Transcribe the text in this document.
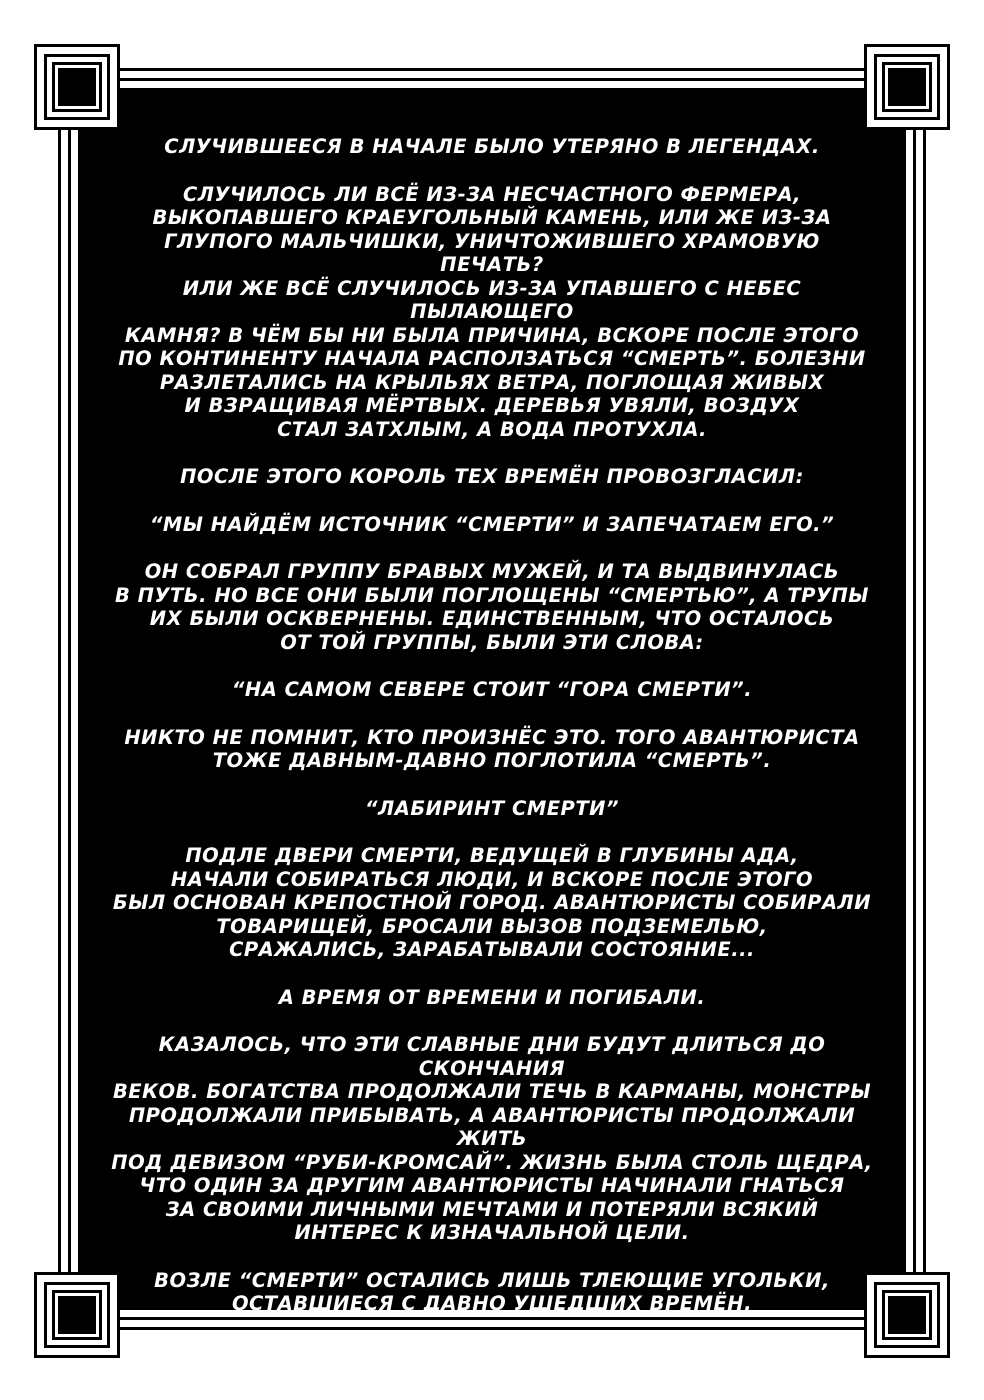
СЛУЧИВШЕЕСЯ В НАЧАЛЕ БЫЛО УТЕРЯНО В ЛЕГЕНДАХ.

СЛУЧИЛОСЬ ЛИ ВСЁ ИЗ-ЗА НЕСЧАСТНОГО ФЕРМЕРА,
ВЫКОПАВШЕГО КРАЕУГОЛЬНЫЙ КАМЕНЬ, ИЛИ ЖЕ ИЗ-ЗА
ГЛУПОГО МАЛЬЧИШКИ, УНИЧТОЖИВШЕГО ХРАМОВУЮ ПЕЧАТЬ?
ИЛИ ЖЕ ВСЁ СЛУЧИЛОСЬ ИЗ-ЗА УПАВШЕГО С НЕБЕС ПЫЛАЮЩЕГО
КАМНЯ? В ЧЁМ БЫ НИ БЫЛА ПРИЧИНА, ВСКОРЕ ПОСЛЕ ЭТОГО
ПО КОНТИНЕНТУ НАЧАЛА РАСПОЛЗАТЬСЯ “СМЕРТЬ”. БОЛЕЗНИ
РАЗЛЕТАЛИСЬ НА КРЫЛЬЯХ ВЕТРА, ПОГЛОЩАЯ ЖИВЫХ
И ВЗРАЩИВАЯ МЁРТВЫХ. ДЕРЕВЬЯ УВЯЛИ, ВОЗДУХ
СТАЛ ЗАТХЛЫМ, А ВОДА ПРОТУХЛА.

ПОСЛЕ ЭТОГО КОРОЛЬ ТЕХ ВРЕМЁН ПРОВОЗГЛАСИЛ:

“МЫ НАЙДЁМ ИСТОЧНИК “СМЕРТИ” И ЗАПЕЧАТАЕМ ЕГО.”

ОН СОБРАЛ ГРУППУ БРАВЫХ МУЖЕЙ, И ТА ВЫДВИНУЛАСЬ
В ПУТЬ. НО ВСЕ ОНИ БЫЛИ ПОГЛОЩЕНЫ “СМЕРТЬЮ”, А ТРУПЫ
ИХ БЫЛИ ОСКВЕРНЕНЫ. ЕДИНСТВЕННЫМ, ЧТО ОСТАЛОСЬ
ОТ ТОЙ ГРУППЫ, БЫЛИ ЭТИ СЛОВА:

“НА САМОМ СЕВЕРЕ СТОИТ “ГОРА СМЕРТИ”.

НИКТО НЕ ПОМНИТ, КТО ПРОИЗНЁС ЭТО. ТОГО АВАНТЮРИСТА
ТОЖЕ ДАВНЫМ-ДАВНО ПОГЛОТИЛА “СМЕРТЬ”.

“ЛАБИРИНТ СМЕРТИ”

ПОДЛЕ ДВЕРИ СМЕРТИ, ВЕДУЩЕЙ В ГЛУБИНЫ АДА,
НАЧАЛИ СОБИРАТЬСЯ ЛЮДИ, И ВСКОРЕ ПОСЛЕ ЭТОГО
БЫЛ ОСНОВАН КРЕПОСТНОЙ ГОРОД. АВАНТЮРИСТЫ СОБИРАЛИ
ТОВАРИЩЕЙ, БРОСАЛИ ВЫЗОВ ПОДЗЕМЕЛЬЮ,
СРАЖАЛИСЬ, ЗАРАБАТЫВАЛИ СОСТОЯНИЕ...

А ВРЕМЯ ОТ ВРЕМЕНИ И ПОГИБАЛИ.

КАЗАЛОСЬ, ЧТО ЭТИ СЛАВНЫЕ ДНИ БУДУТ ДЛИТЬСЯ ДО СКОНЧАНИЯ
ВЕКОВ. БОГАТСТВА ПРОДОЛЖАЛИ ТЕЧЬ В КАРМАНЫ, МОНСТРЫ
ПРОДОЛЖАЛИ ПРИБЫВАТЬ, А АВАНТЮРИСТЫ ПРОДОЛЖАЛИ ЖИТЬ
ПОД ДЕВИЗОМ “РУБИ-КРОМСАЙ”. ЖИЗНЬ БЫЛА СТОЛЬ ЩЕДРА,
ЧТО ОДИН ЗА ДРУГИМ АВАНТЮРИСТЫ НАЧИНАЛИ ГНАТЬСЯ
ЗА СВОИМИ ЛИЧНЫМИ МЕЧТАМИ И ПОТЕРЯЛИ ВСЯКИЙ
ИНТЕРЕС К ИЗНАЧАЛЬНОЙ ЦЕЛИ.

ВОЗЛЕ “СМЕРТИ” ОСТАЛИСЬ ЛИШЬ ТЛЕЮЩИЕ УГОЛЬКИ,
ОСТАВШИЕСЯ С ДАВНО УШЕДШИХ ВРЕМЁН.

ПЕПЕЛ ДНЕЙ АВАНТЮРИСТОВ.
